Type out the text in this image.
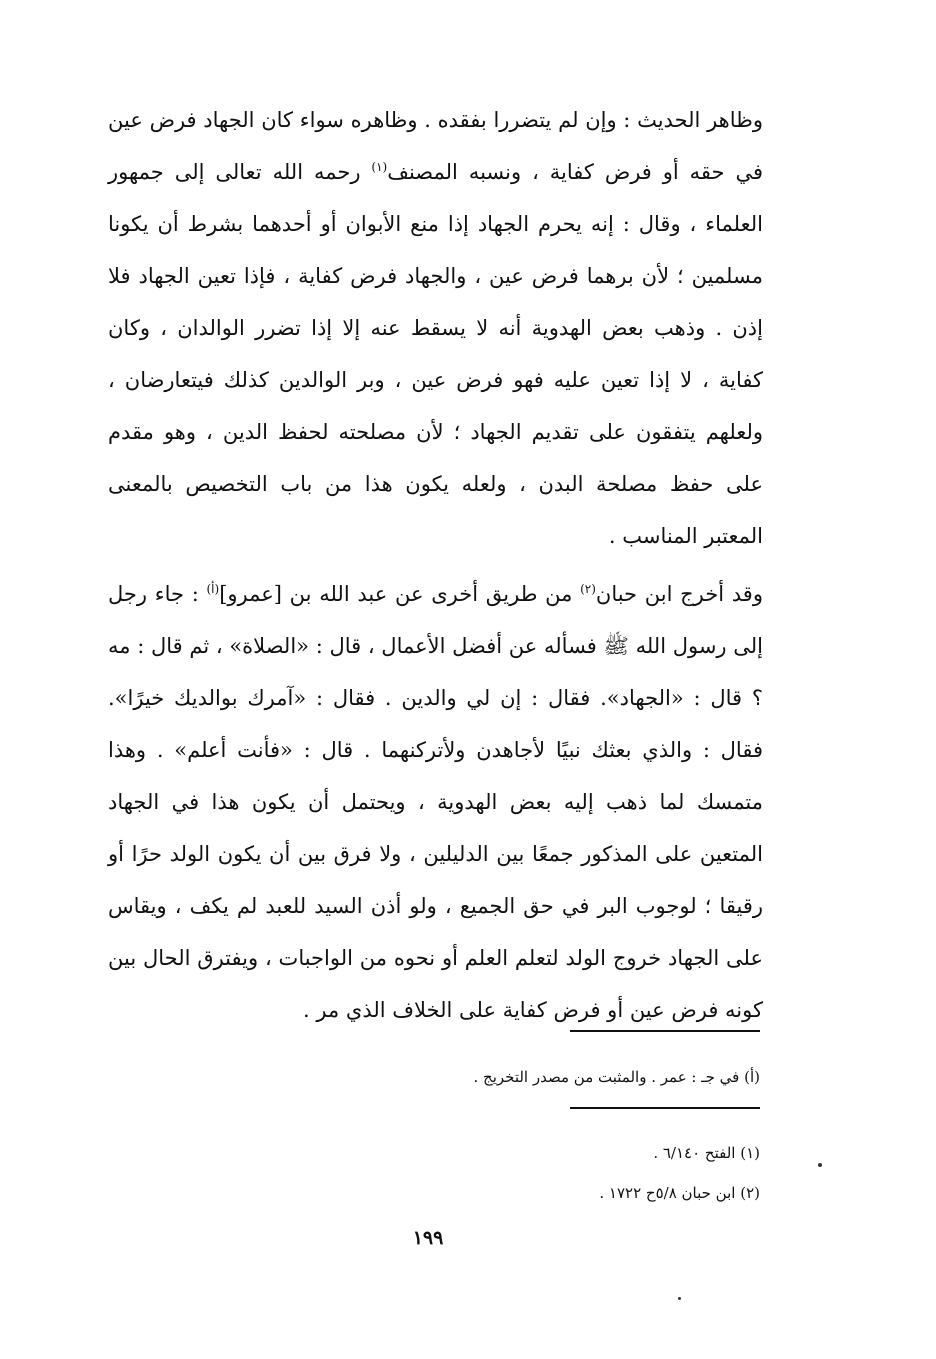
وظاهر الحديث : وإن لم يتضررا بفقده . وظاهره سواء كان الجهاد فرض عين في حقه أو فرض كفاية ، ونسبه المصنف$^{(١)}$ رحمه الله تعالى إلى جمهور العلماء ، وقال : إنه يحرم الجهاد إذا منع الأبوان أو أحدهما بشرط أن يكونا مسلمين ؛ لأن برهما فرض عين ، والجهاد فرض كفاية ، فإذا تعين الجهاد فلا إذن . وذهب بعض الهدوية أنه لا يسقط عنه إلا إذا تضرر الوالدان ، وكان كفاية ، لا إذا تعين عليه فهو فرض عين ، وبر الوالدين كذلك فيتعارضان ، ولعلهم يتفقون على تقديم الجهاد ؛ لأن مصلحته لحفظ الدين ، وهو مقدم على حفظ مصلحة البدن ، ولعله يكون هذا من باب التخصيص بالمعنى المعتبر المناسب .

وقد أخرج ابن حبان$^{(٢)}$ من طريق أخرى عن عبد الله بن [عمرو]$^{(أ)}$ : جاء رجل إلى رسول الله ﷺ فسأله عن أفضل الأعمال ، قال : «الصلاة» ، ثم قال : مه ؟ قال : «الجهاد». فقال : إن لي والدين . فقال : «آمرك بوالديك خيرًا». فقال : والذي بعثك نبيًا لأجاهدن ولأتركنهما . قال : «فأنت أعلم» . وهذا متمسك لما ذهب إليه بعض الهدوية ، ويحتمل أن يكون هذا في الجهاد المتعين على المذكور جمعًا بين الدليلين ، ولا فرق بين أن يكون الولد حرًا أو رقيقا ؛ لوجوب البر في حق الجميع ، ولو أذن السيد للعبد لم يكف ، ويقاس على الجهاد خروج الولد لتعلم العلم أو نحوه من الواجبات ، ويفترق الحال بين كونه فرض عين أو فرض كفاية على الخلاف الذي مر .

(أ) في جـ : عمر . والمثبت من مصدر التخريج .

(١) الفتح ٦/١٤٠ .

(٢) ابن حبان ٥/٨ح ١٧٢٢ .

١٩٩
